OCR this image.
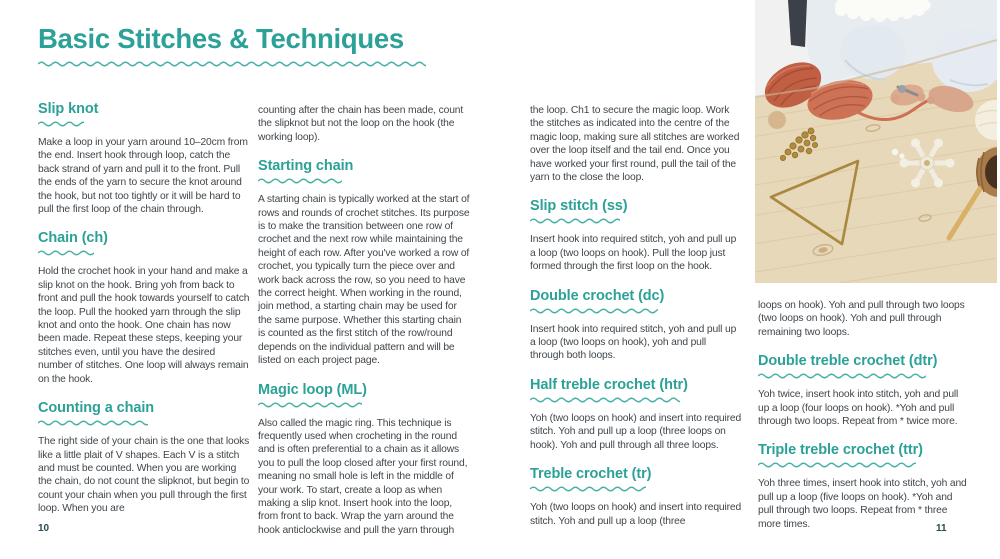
Basic Stitches & Techniques
Slip knot

Make a loop in your yarn around 10–20cm from the end. Insert hook through loop, catch the back strand of yarn and pull it to the front. Pull the ends of the yarn to secure the knot around the hook, but not too tightly or it will be hard to pull the first loop of the chain through.

Chain (ch)

Hold the crochet hook in your hand and make a slip knot on the hook. Bring yoh from back to front and pull the hook towards yourself to catch the loop. Pull the hooked yarn through the slip knot and onto the hook. One chain has now been made. Repeat these steps, keeping your stitches even, until you have the desired number of stitches. One loop will always remain on the hook.

Counting a chain

The right side of your chain is the one that looks like a little plait of V shapes. Each V is a stitch and must be counted. When you are working the chain, do not count the slipknot, but begin to count your chain when you pull through the first loop. When you are

counting after the chain has been made, count the slipknot but not the loop on the hook (the working loop).

Starting chain

A starting chain is typically worked at the start of rows and rounds of crochet stitches. Its purpose is to make the transition between one row of crochet and the next row while maintaining the height of each row. After you've worked a row of crochet, you typically turn the piece over and work back across the row, so you need to have the correct height. When working in the round, join method, a starting chain may be used for the same purpose. Whether this starting chain is counted as the first stitch of the row/round depends on the individual pattern and will be listed on each project page.

Magic loop (ML)

Also called the magic ring. This technique is frequently used when crocheting in the round and is often preferential to a chain as it allows you to pull the loop closed after your first round, meaning no small hole is left in the middle of your work. To start, create a loop as when making a slip knot. Insert hook into the loop, from front to back. Wrap the yarn around the hook anticlockwise and pull the yarn through

the loop. Ch1 to secure the magic loop. Work the stitches as indicated into the centre of the magic loop, making sure all stitches are worked over the loop itself and the tail end. Once you have worked your first round, pull the tail of the yarn to the close the loop.

Slip stitch (ss)

Insert hook into required stitch, yoh and pull up a loop (two loops on hook). Pull the loop just formed through the first loop on the hook.

Double crochet (dc)

Insert hook into required stitch, yoh and pull up a loop (two loops on hook), yoh and pull through both loops.

Half treble crochet (htr)

Yoh (two loops on hook) and insert into required stitch. Yoh and pull up a loop (three loops on hook). Yoh and pull through all three loops.

Treble crochet (tr)

Yoh (two loops on hook) and insert into required stitch. Yoh and pull up a loop (three

loops on hook). Yoh and pull through two loops (two loops on hook). Yoh and pull through remaining two loops.

Double treble crochet (dtr)

Yoh twice, insert hook into stitch, yoh and pull up a loop (four loops on hook). *Yoh and pull through two loops. Repeat from * twice more.

Triple treble crochet (ttr)

Yoh three times, insert hook into stitch, yoh and pull up a loop (five loops on hook). *Yoh and pull through two loops. Repeat from * three more times.

10	11
